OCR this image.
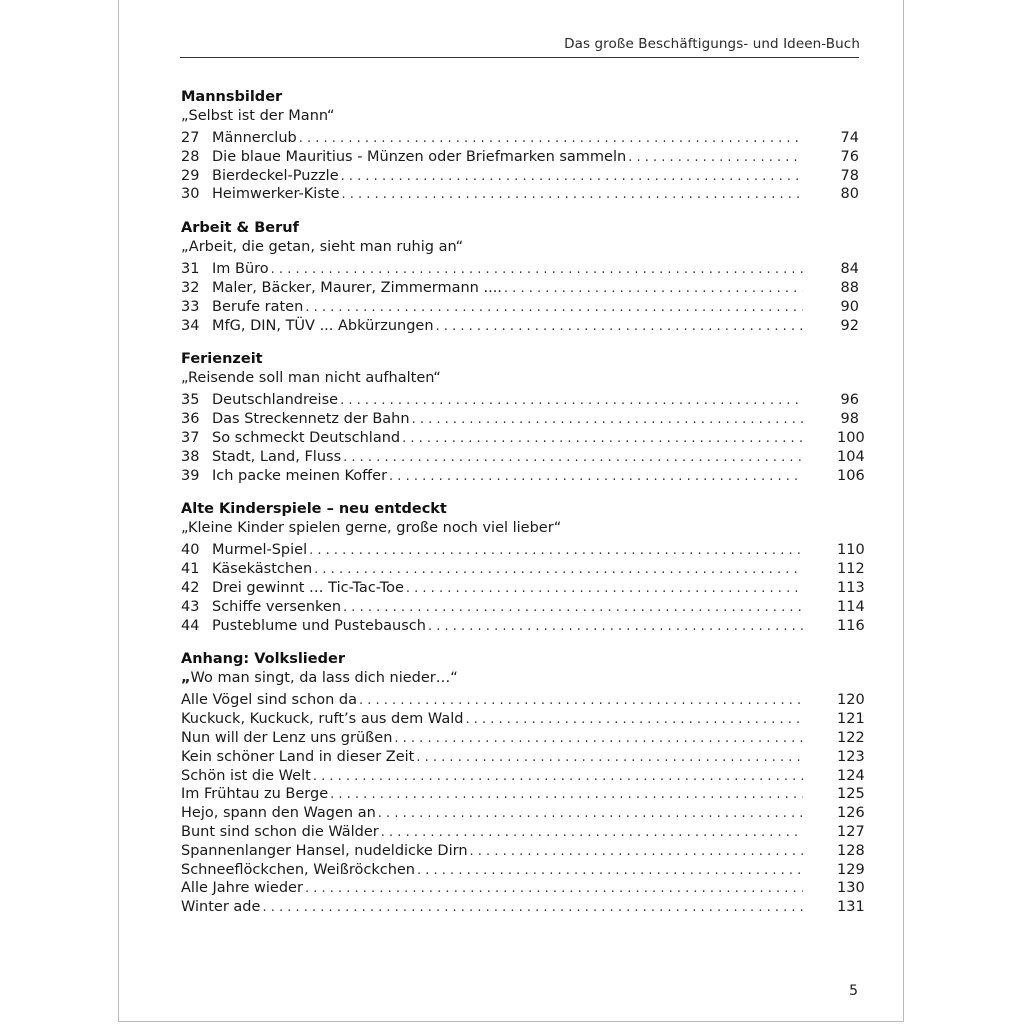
Das große Beschäftigungs- und Ideen-Buch
Mannsbilder
„Selbst ist der Mann“
27 Männerclub . . .	74
28 Die blaue Mauritius - Münzen oder Briefmarken sammeln . . .	76
29 Bierdeckel-Puzzle . . .	78
30 Heimwerker-Kiste . . .	80
Arbeit & Beruf
„Arbeit, die getan, sieht man ruhig an“
31 Im Büro . . .	84
32 Maler, Bäcker, Maurer, Zimmermann .... . . .	88
33 Berufe raten . . .	90
34 MfG, DIN, TÜV ... Abkürzungen . . .	92
Ferienzeit
„Reisende soll man nicht aufhalten“
35 Deutschlandreise . . .	96
36 Das Streckennetz der Bahn . . .	98
37 So schmeckt Deutschland . . .	100
38 Stadt, Land, Fluss . . .	104
39 Ich packe meinen Koffer . . .	106
Alte Kinderspiele – neu entdeckt
„Kleine Kinder spielen gerne, große noch viel lieber“
40 Murmel-Spiel . . .	110
41 Käsekästchen . . .	112
42 Drei gewinnt … Tic-Tac-Toe . . .	113
43 Schiffe versenken . . .	114
44 Pusteblume und Pustebausch . . .	116
Anhang: Volkslieder
„Wo man singt, da lass dich nieder…“
Alle Vögel sind schon da . . .	120
Kuckuck, Kuckuck, ruft’s aus dem Wald . . .	121
Nun will der Lenz uns grüßen . . .	122
Kein schöner Land in dieser Zeit . . .	123
Schön ist die Welt . . .	124
Im Frühtau zu Berge . . .	125
Hejo, spann den Wagen an . . .	126
Bunt sind schon die Wälder . . .	127
Spannenlanger Hansel, nudeldicke Dirn . . .	128
Schneeflöckchen, Weißröckchen . . .	129
Alle Jahre wieder . . .	130
Winter ade . . .	131
5
